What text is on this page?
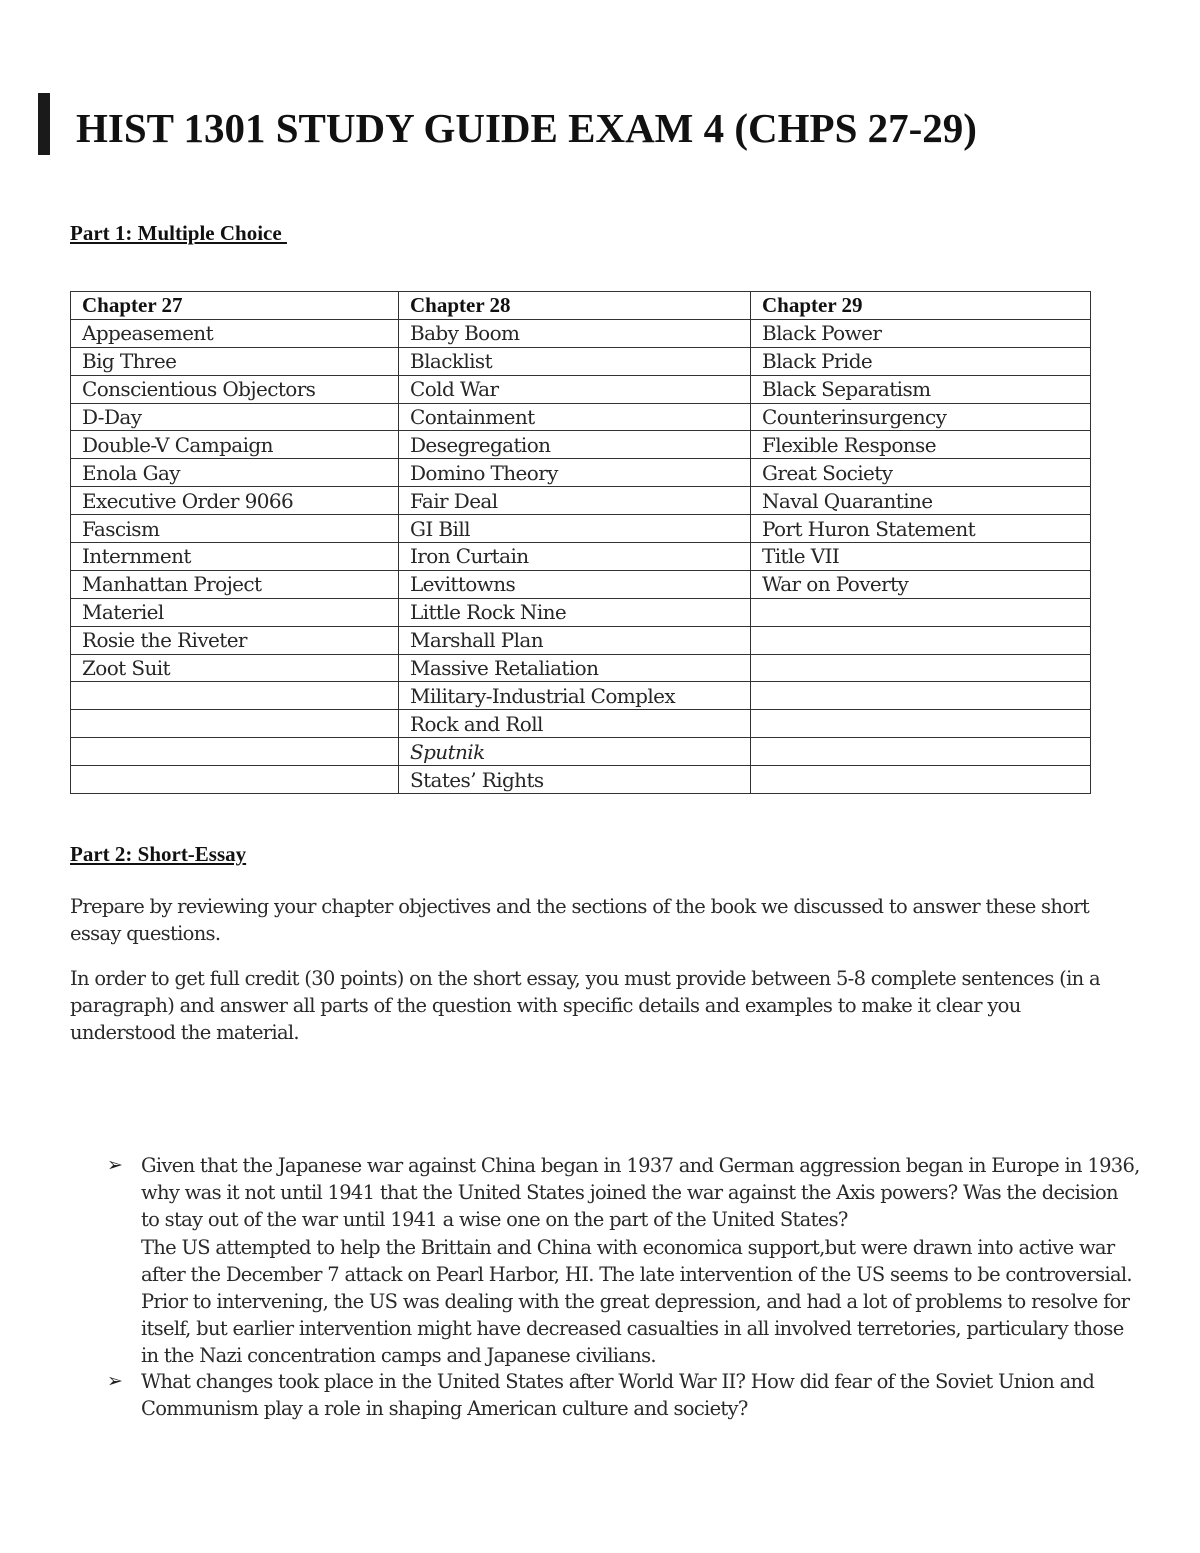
HIST 1301 STUDY GUIDE EXAM 4 (CHPS 27-29)
Part 1: Multiple Choice
Chapter 27	Chapter 28	Chapter 29
Appeasement	Baby Boom	Black Power
Big Three	Blacklist	Black Pride
Conscientious Objectors	Cold War	Black Separatism
D-Day	Containment	Counterinsurgency
Double-V Campaign	Desegregation	Flexible Response
Enola Gay	Domino Theory	Great Society
Executive Order 9066	Fair Deal	Naval Quarantine
Fascism	GI Bill	Port Huron Statement
Internment	Iron Curtain	Title VII
Manhattan Project	Levittowns	War on Poverty
Materiel	Little Rock Nine	
Rosie the Riveter	Marshall Plan	
Zoot Suit	Massive Retaliation	
	Military-Industrial Complex	
	Rock and Roll	
	Sputnik	
	States’ Rights	
Part 2: Short-Essay

Prepare by reviewing your chapter objectives and the sections of the book we discussed to answer these short essay questions.

In order to get full credit (30 points) on the short essay, you must provide between 5-8 complete sentences (in a paragraph) and answer all parts of the question with specific details and examples to make it clear you understood the material.

➢ Given that the Japanese war against China began in 1937 and German aggression began in Europe in 1936, why was it not until 1941 that the United States joined the war against the Axis powers? Was the decision to stay out of the war until 1941 a wise one on the part of the United States?
The US attempted to help the Brittain and China with economica support,but were drawn into active war after the December 7 attack on Pearl Harbor, HI. The late intervention of the US seems to be controversial. Prior to intervening, the US was dealing with the great depression, and had a lot of problems to resolve for itself, but earlier intervention might have decreased casualties in all involved terretories, particulary those in the Nazi concentration camps and Japanese civilians.
➢ What changes took place in the United States after World War II? How did fear of the Soviet Union and Communism play a role in shaping American culture and society?
